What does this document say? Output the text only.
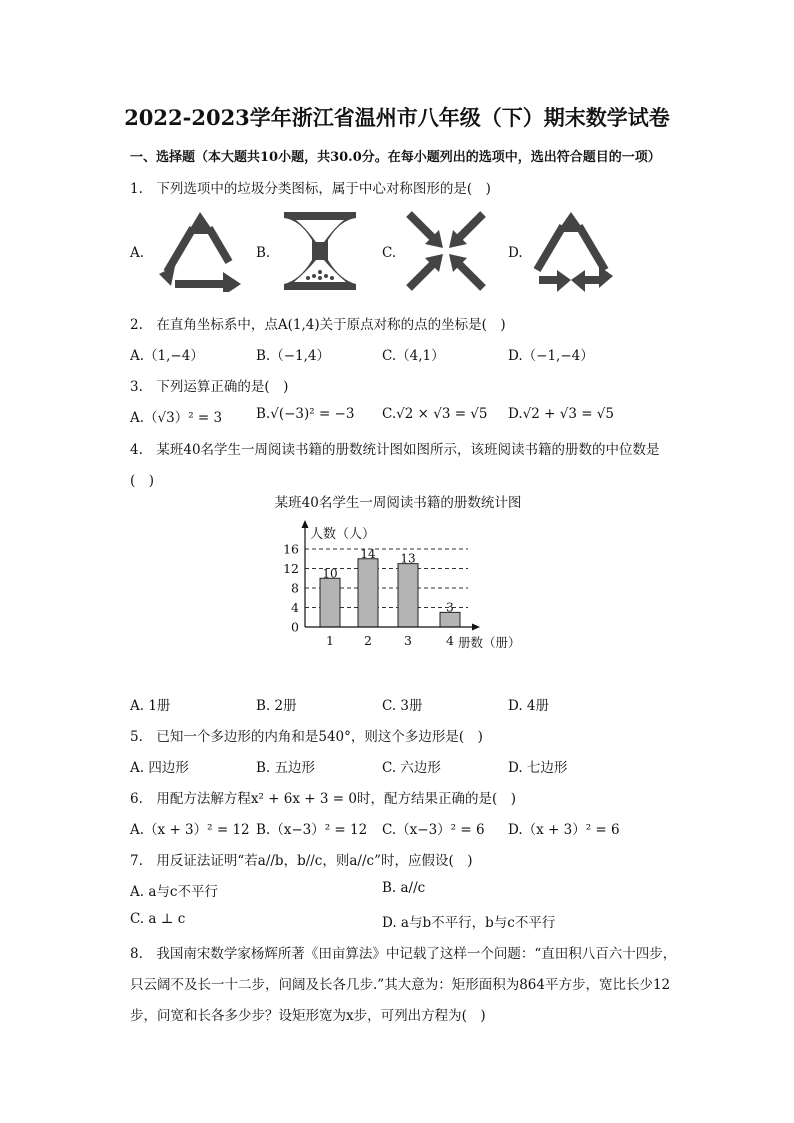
2022-2023学年浙江省温州市八年级（下）期末数学试卷
一、选择题（本大题共10小题，共30.0分。在每小题列出的选项中，选出符合题目的一项）
1.　下列选项中的垃圾分类图标，属于中心对称图形的是(　)
A.	B.	C.	D.
2.　在直角坐标系中，点A(1,4)关于原点对称的点的坐标是(　)
A.（1,−4）	B.（−1,4）	C.（4,1）	D.（−1,−4）
3.　下列运算正确的是(　)
A.（√3）² = 3	B.√(−3)² = −3 C.√2 × √3 = √5 D.√2 + √3 = √5
4.　某班40名学生一周阅读书籍的册数统计图如图所示，该班阅读书籍的册数的中位数是
(　)
某班40名学生一周阅读书籍的册数统计图
人数（人）
册数（册）
0
4
8
12
16
10
1
14
2
13
3
3
4
A. 1册	B. 2册	C. 3册	D. 4册
5.　已知一个多边形的内角和是540°，则这个多边形是(　)
A. 四边形	B. 五边形	C. 六边形	D. 七边形
6.　用配方法解方程x² + 6x + 3 = 0时，配方结果正确的是(　)
A.（x + 3）² = 12 B.（x−3）² = 12 C.（x−3）² = 6 D.（x + 3）² = 6
7.　用反证法证明“若a//b，b//c，则a//c”时，应假设(　)
A. a与c不平行	B. a//c
C. a ⊥ c	D. a与b不平行，b与c不平行
8.　我国南宋数学家杨辉所著《田亩算法》中记载了这样一个问题：“直田积八百六十四步，
只云阔不及长一十二步，问阔及长各几步.”其大意为：矩形面积为864平方步，宽比长少12
步，问宽和长各多少步？设矩形宽为x步，可列出方程为(　)
